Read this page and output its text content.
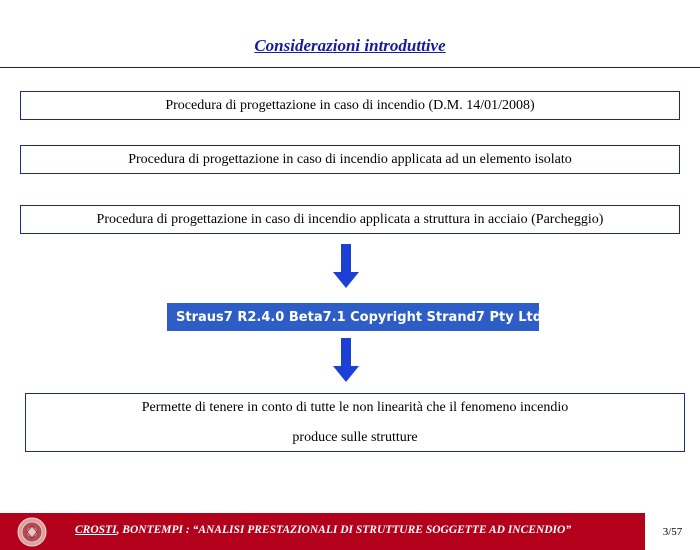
Considerazioni introduttive
Procedura di progettazione in caso di incendio (D.M. 14/01/2008)
Procedura di progettazione in caso di incendio applicata ad un elemento isolato
Procedura di progettazione in caso di incendio applicata a struttura in acciaio (Parcheggio)
Straus7 R2.4.0 Beta7.1 Copyright Strand7 Pty Ltd
Permette di tenere in conto di tutte le non linearità che il fenomeno incendio
produce sulle strutture
CROSTI, BONTEMPI : “ANALISI PRESTAZIONALI DI STRUTTURE SOGGETTE AD INCENDIO”	3/57
